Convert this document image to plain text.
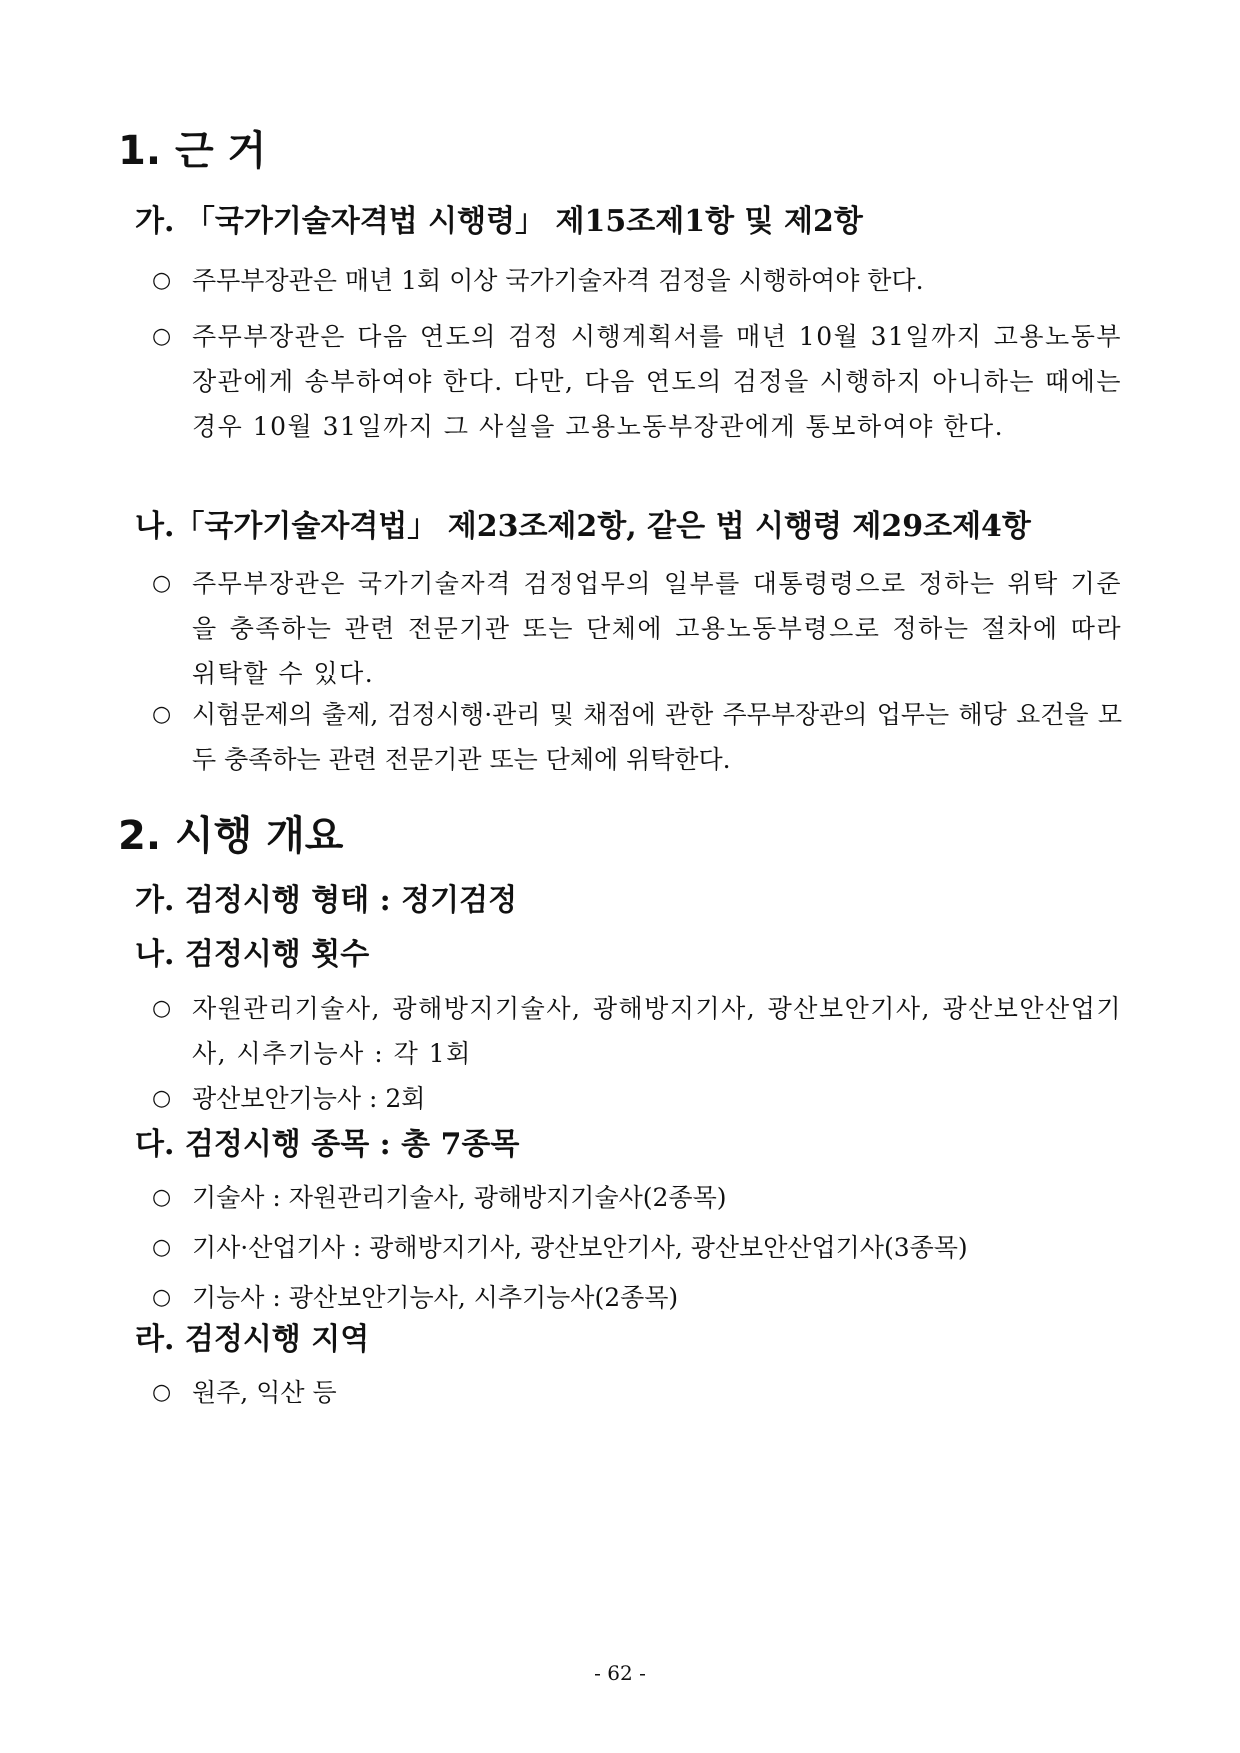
1. 근 거
가. 「국가기술자격법 시행령」 제15조제1항 및 제2항
○ 주무부장관은 매년 1회 이상 국가기술자격 검정을 시행하여야 한다.
○ 주무부장관은 다음 연도의 검정 시행계획서를 매년 10월 31일까지 고용노동부장관에게 송부하여야 한다. 다만, 다음 연도의 검정을 시행하지 아니하는 때에는 경우 10월 31일까지 그 사실을 고용노동부장관에게 통보하여야 한다.
나.「국가기술자격법」 제23조제2항, 같은 법 시행령 제29조제4항
○ 주무부장관은 국가기술자격 검정업무의 일부를 대통령령으로 정하는 위탁 기준을 충족하는 관련 전문기관 또는 단체에 고용노동부령으로 정하는 절차에 따라 위탁할 수 있다.
○ 시험문제의 출제, 검정시행·관리 및 채점에 관한 주무부장관의 업무는 해당 요건을 모두 충족하는 관련 전문기관 또는 단체에 위탁한다.
2. 시행 개요
가. 검정시행 형태 : 정기검정
나. 검정시행 횟수
○ 자원관리기술사, 광해방지기술사, 광해방지기사, 광산보안기사, 광산보안산업기사, 시추기능사 : 각 1회
○ 광산보안기능사 : 2회
다. 검정시행 종목 : 총 7종목
○ 기술사 : 자원관리기술사, 광해방지기술사(2종목)
○ 기사·산업기사 : 광해방지기사, 광산보안기사, 광산보안산업기사(3종목)
○ 기능사 : 광산보안기능사, 시추기능사(2종목)
라. 검정시행 지역
○ 원주, 익산 등
- 62 -
